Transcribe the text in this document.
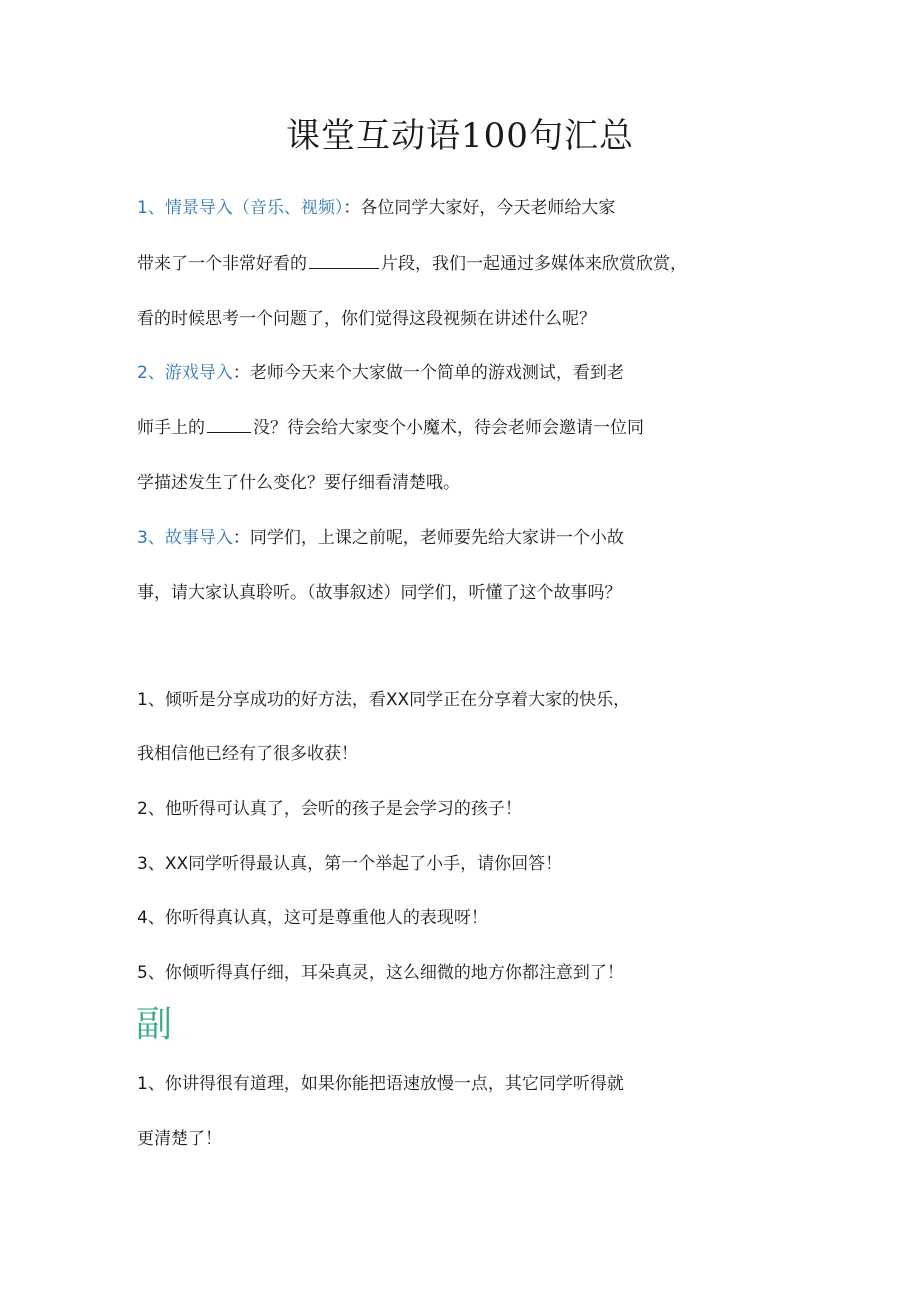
课堂互动语100句汇总
1、情景导入（音乐、视频）：各位同学大家好，今天老师给大家
带来了一个非常好看的	片段，我们一起通过多媒体来欣赏欣赏，
看的时候思考一个问题了，你们觉得这段视频在讲述什么呢？
2、游戏导入：老师今天来个大家做一个简单的游戏测试，看到老
师手上的	没？待会给大家变个小魔术，待会老师会邀请一位同
学描述发生了什么变化？要仔细看清楚哦。
3、故事导入：同学们，上课之前呢，老师要先给大家讲一个小故
事，请大家认真聆听。（故事叙述）同学们，听懂了这个故事吗？
1、倾听是分享成功的好方法，看XX同学正在分享着大家的快乐，
我相信他已经有了很多收获！
2、他听得可认真了，会听的孩子是会学习的孩子！
3、XX同学听得最认真，第一个举起了小手，请你回答！
4、你听得真认真，这可是尊重他人的表现呀！
5、你倾听得真仔细，耳朵真灵，这么细微的地方你都注意到了！
副
1、你讲得很有道理，如果你能把语速放慢一点，其它同学听得就
更清楚了！
